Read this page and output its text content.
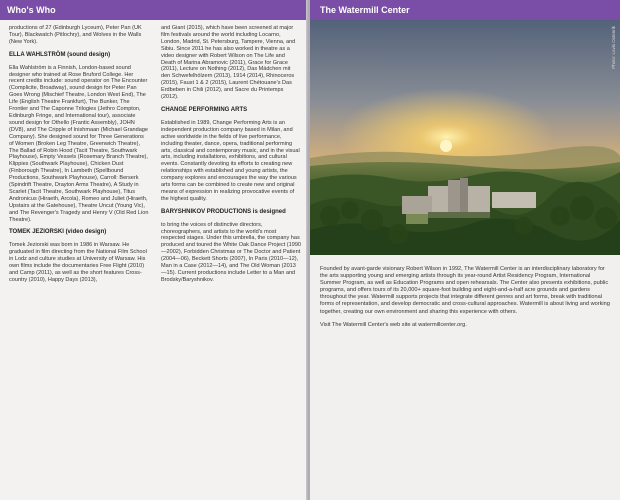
Who's Who

productions of 27 (Edinburgh Lyceum), Peter Pan (UK Tour), Blackwatch (Pitlochry), and Wolves in the Walls (New York).

ELLA WAHLSTRÖM (sound design)

Ella Wahlström is a Finnish, London-based sound designer who trained at Rose Bruford College. Her recent credits include: sound operator on The Encounter (Complicite, Broadway), sound design for Peter Pan Goes Wrong (Mischief Theatre, London West End), The Life (English Theatre Frankfurt), The Bunker, The Frontier and The Caponne Trilogies (Jethro Compton, Edinburgh Fringe, and International tour), associate sound design for Othello (Frantic Assembly), JOHN (DV8), and The Cripple of Inishmaan (Michael Grandage Company). She designed sound for Three Generations of Women (Broken Leg Theatre, Greenwich Theatre), The Ballad of Robin Hood (Tacit Theatre, Southwark Playhouse), Empty Vessels (Rosemary Branch Theatre), Klippies (Southwark Playhouse), Chicken Dust (Finborough Theatre), In Lambeth (Spellbound Productions, Southwark Playhouse), Carroll: Berserk (Spindrift Theatre, Drayton Arms Theatre), A Study in Scarlet (Tacit Theatre, Southwark Playhouse), Titus Andronicus (Hiraeth, Arcola), Romeo and Juliet (Hiraeth, Upstairs at the Gatehouse), Theatre Uncut (Young Vic), and The Revenger's Tragedy and Henry V (Old Red Lion Theatre).

TOMEK JEZIORSKI (video design)

Tomek Jeziorski was born in 1986 in Warsaw. He graduated in film directing from the National Film School in Lodz and culture studies at University of Warsaw. His own films include the documentaries Free Flight (2010) and Camp (2011), as well as the short features Cross-country (2010), Happy Days (2013),

and Giant (2015), which have been screened at major film festivals around the world including Locarno, London, Madrid, St. Petersburg, Tampere, Vienna, and Sibiu. Since 2011 he has also worked in theatre as a video designer with Robert Wilson on The Life and Death of Marina Abramovic (2011), Grace for Grace (2011), Lecture on Nothing (2012), Das Mädchen mit den Schwefelhölzern (2013), 1914 (2014), Rhinoceros (2015), Faust 1 & 2 (2015), Laurent Chétouane's Das Erdbeben in Chili (2012), and Sacre du Printemps (2012).

CHANGE PERFORMING ARTS

Established in 1989, Change Performing Arts is an independent production company based in Milan, and active worldwide in the fields of live performance, including theater, dance, opera, traditional performing arts, classical and contemporary music, and in the visual arts, including installations, exhibitions, and cultural events. Constantly devoting its efforts to creating new relationships with established and young artists, the company explores and encourages the way the various arts forms can be combined to create new and original means of expression in realizing provocative events of the highest quality.

BARYSHNIKOV PRODUCTIONS is designed

to bring the voices of distinctive directors, choreographers, and artists to the world's most respected stages. Under this umbrella, the company has produced and toured the White Oak Dance Project (1990—2002), Forbidden Christmas or The Doctor and Patient (2004—06), Beckett Shorts (2007), In Paris (2010—12), Man in a Case (2012—14), and The Old Woman (2013—15). Current productions include Letter to a Man and Brodsky/Baryshnikov.

The Watermill Center
Photo: Lovis Ostenrik

Founded by avant-garde visionary Robert Wilson in 1992, The Watermill Center is an interdisciplinary laboratory for the arts supporting young and emerging artists through its year-round Artist Residency Program, International Summer Program, as well as Education Programs and open rehearsals. The Center also presents exhibitions, public programs, and offers tours of its 20,000+ square-foot building and eight-and-a-half acre grounds and gardens throughout the year. Watermill supports projects that integrate different genres and art forms, break with traditional forms of representation, and develop democratic and cross-cultural approaches. Watermill is about living and working together, creating our own environment and sharing this experience with others.

Visit The Watermill Center's web site at watermillcenter.org.
